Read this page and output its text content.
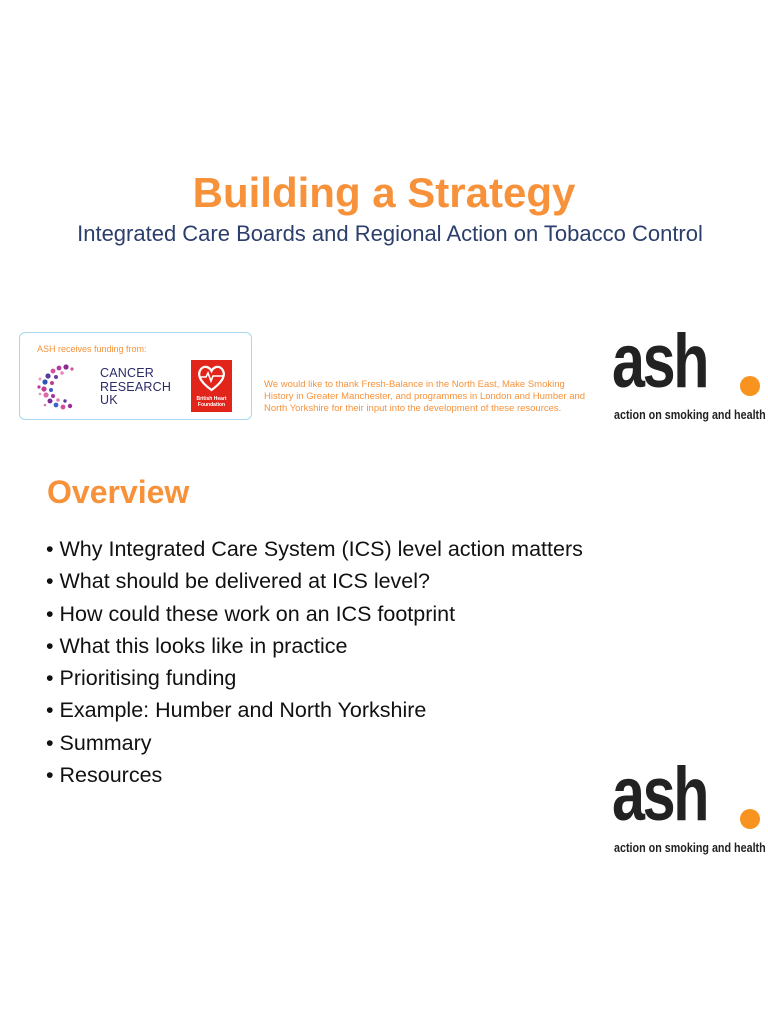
Building a Strategy

Integrated Care Boards and Regional Action on Tobacco Control

ASH receives funding from:
CANCER
RESEARCH
UK	British Heart Foundation

We would like to thank Fresh-Balance in the North East, Make Smoking History in Greater Manchester, and programmes in London and Humber and North Yorkshire for their input into the development of these resources.

ash
action on smoking and health
Overview
• Why Integrated Care System (ICS) level action matters
• What should be delivered at ICS level?
• How could these work on an ICS footprint
• What this looks like in practice
• Prioritising funding
• Example: Humber and North Yorkshire
• Summary
• Resources	ash
action on smoking and health
